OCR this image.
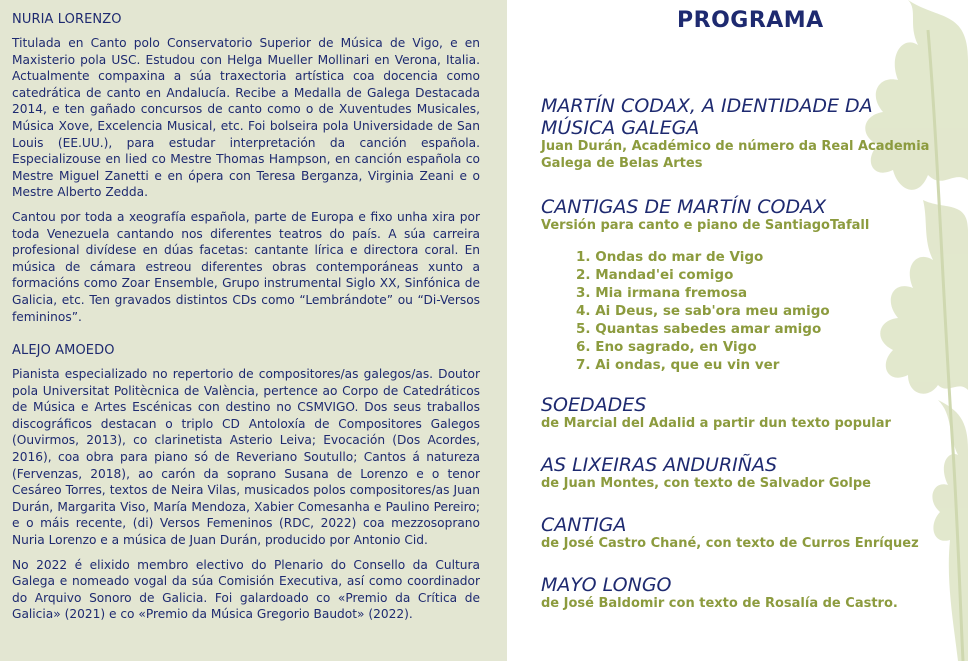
NURIA LORENZO

Titulada en Canto polo Conservatorio Superior de Música de Vigo, e en Maxisterio pola USC. Estudou con Helga Mueller Mollinari en Verona, Italia. Actualmente compaxina a súa traxectoria artística coa docencia como catedrática de canto en Andalucía. Recibe a Medalla de Galega Destacada 2014, e ten gañado concursos de canto como o de Xuventudes Musicales, Música Xove, Excelencia Musical, etc. Foi bolseira pola Universidade de San Louis (EE.UU.), para estudar interpretación da canción española. Especializouse en lied co Mestre Thomas Hampson, en canción española co Mestre Miguel Zanetti e en ópera con Teresa Berganza, Virginia Zeani e o Mestre Alberto Zedda.

Cantou por toda a xeografía española, parte de Europa e fixo unha xira por toda Venezuela cantando nos diferentes teatros do país. A súa carreira profesional divídese en dúas facetas: cantante lírica e directora coral. En música de cámara estreou diferentes obras contemporáneas xunto a formacións como Zoar Ensemble, Grupo instrumental Siglo XX, Sinfónica de Galicia, etc. Ten gravados distintos CDs como “Lembrándote” ou “Di-Versos femininos”.

ALEJO AMOEDO

Pianista especializado no repertorio de compositores/as galegos/as. Doutor pola Universitat Politècnica de València, pertence ao Corpo de Catedráticos de Música e Artes Escénicas con destino no CSMVIGO. Dos seus traballos discográficos destacan o triplo CD Antoloxía de Compositores Galegos (Ouvirmos, 2013), co clarinetista Asterio Leiva; Evocación (Dos Acordes, 2016), coa obra para piano só de Reveriano Soutullo; Cantos á natureza (Fervenzas, 2018), ao carón da soprano Susana de Lorenzo e o tenor Cesáreo Torres, textos de Neira Vilas, musicados polos compositores/as Juan Durán, Margarita Viso, María Mendoza, Xabier Comesanha e Paulino Pereiro; e o máis recente, (di) Versos Femeninos (RDC, 2022) coa mezzosoprano Nuria Lorenzo e a música de Juan Durán, producido por Antonio Cid.

No 2022 é elixido membro electivo do Plenario do Consello da Cultura Galega e nomeado vogal da súa Comisión Executiva, así como coordinador do Arquivo Sonoro de Galicia. Foi galardoado co «Premio da Crítica de Galicia» (2021) e co «Premio da Música Gregorio Baudot» (2022).

PROGRAMA

MARTÍN CODAX, A IDENTIDADE DA MÚSICA GALEGA

Juan Durán, Académico de número da Real Academia Galega de Belas Artes

CANTIGAS DE MARTÍN CODAX

Versión para canto e piano de SantiagoTafall

1. Ondas do mar de Vigo
2. Mandad'ei comigo
3. Mia irmana fremosa
4. Ai Deus, se sab'ora meu amigo
5. Quantas sabedes amar amigo
6. Eno sagrado, en Vigo
7. Ai ondas, que eu vin ver

SOEDADES

de Marcial del Adalid a partir dun texto popular

AS LIXEIRAS ANDURIÑAS

de Juan Montes, con texto de Salvador Golpe

CANTIGA

de José Castro Chané, con texto de Curros Enríquez

MAYO LONGO

de José Baldomir con texto de Rosalía de Castro.
